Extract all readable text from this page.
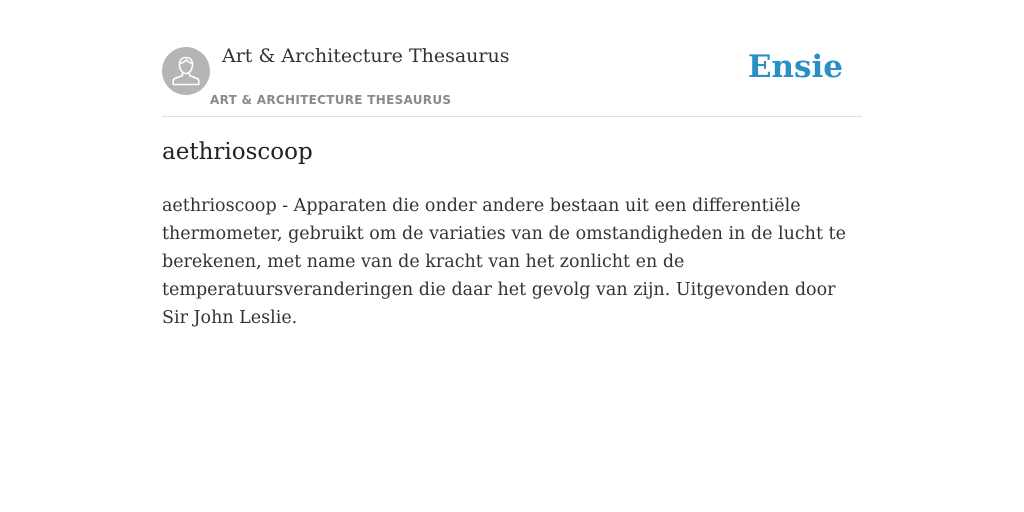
Art & Architecture Thesaurus
ART & ARCHITECTURE THESAURUS
Ensie
aethrioscoop

aethrioscoop - Apparaten die onder andere bestaan uit een differentiële thermometer, gebruikt om de variaties van de omstandigheden in de lucht te berekenen, met name van de kracht van het zonlicht en de temperatuursveranderingen die daar het gevolg van zijn. Uitgevonden door Sir John Leslie.
